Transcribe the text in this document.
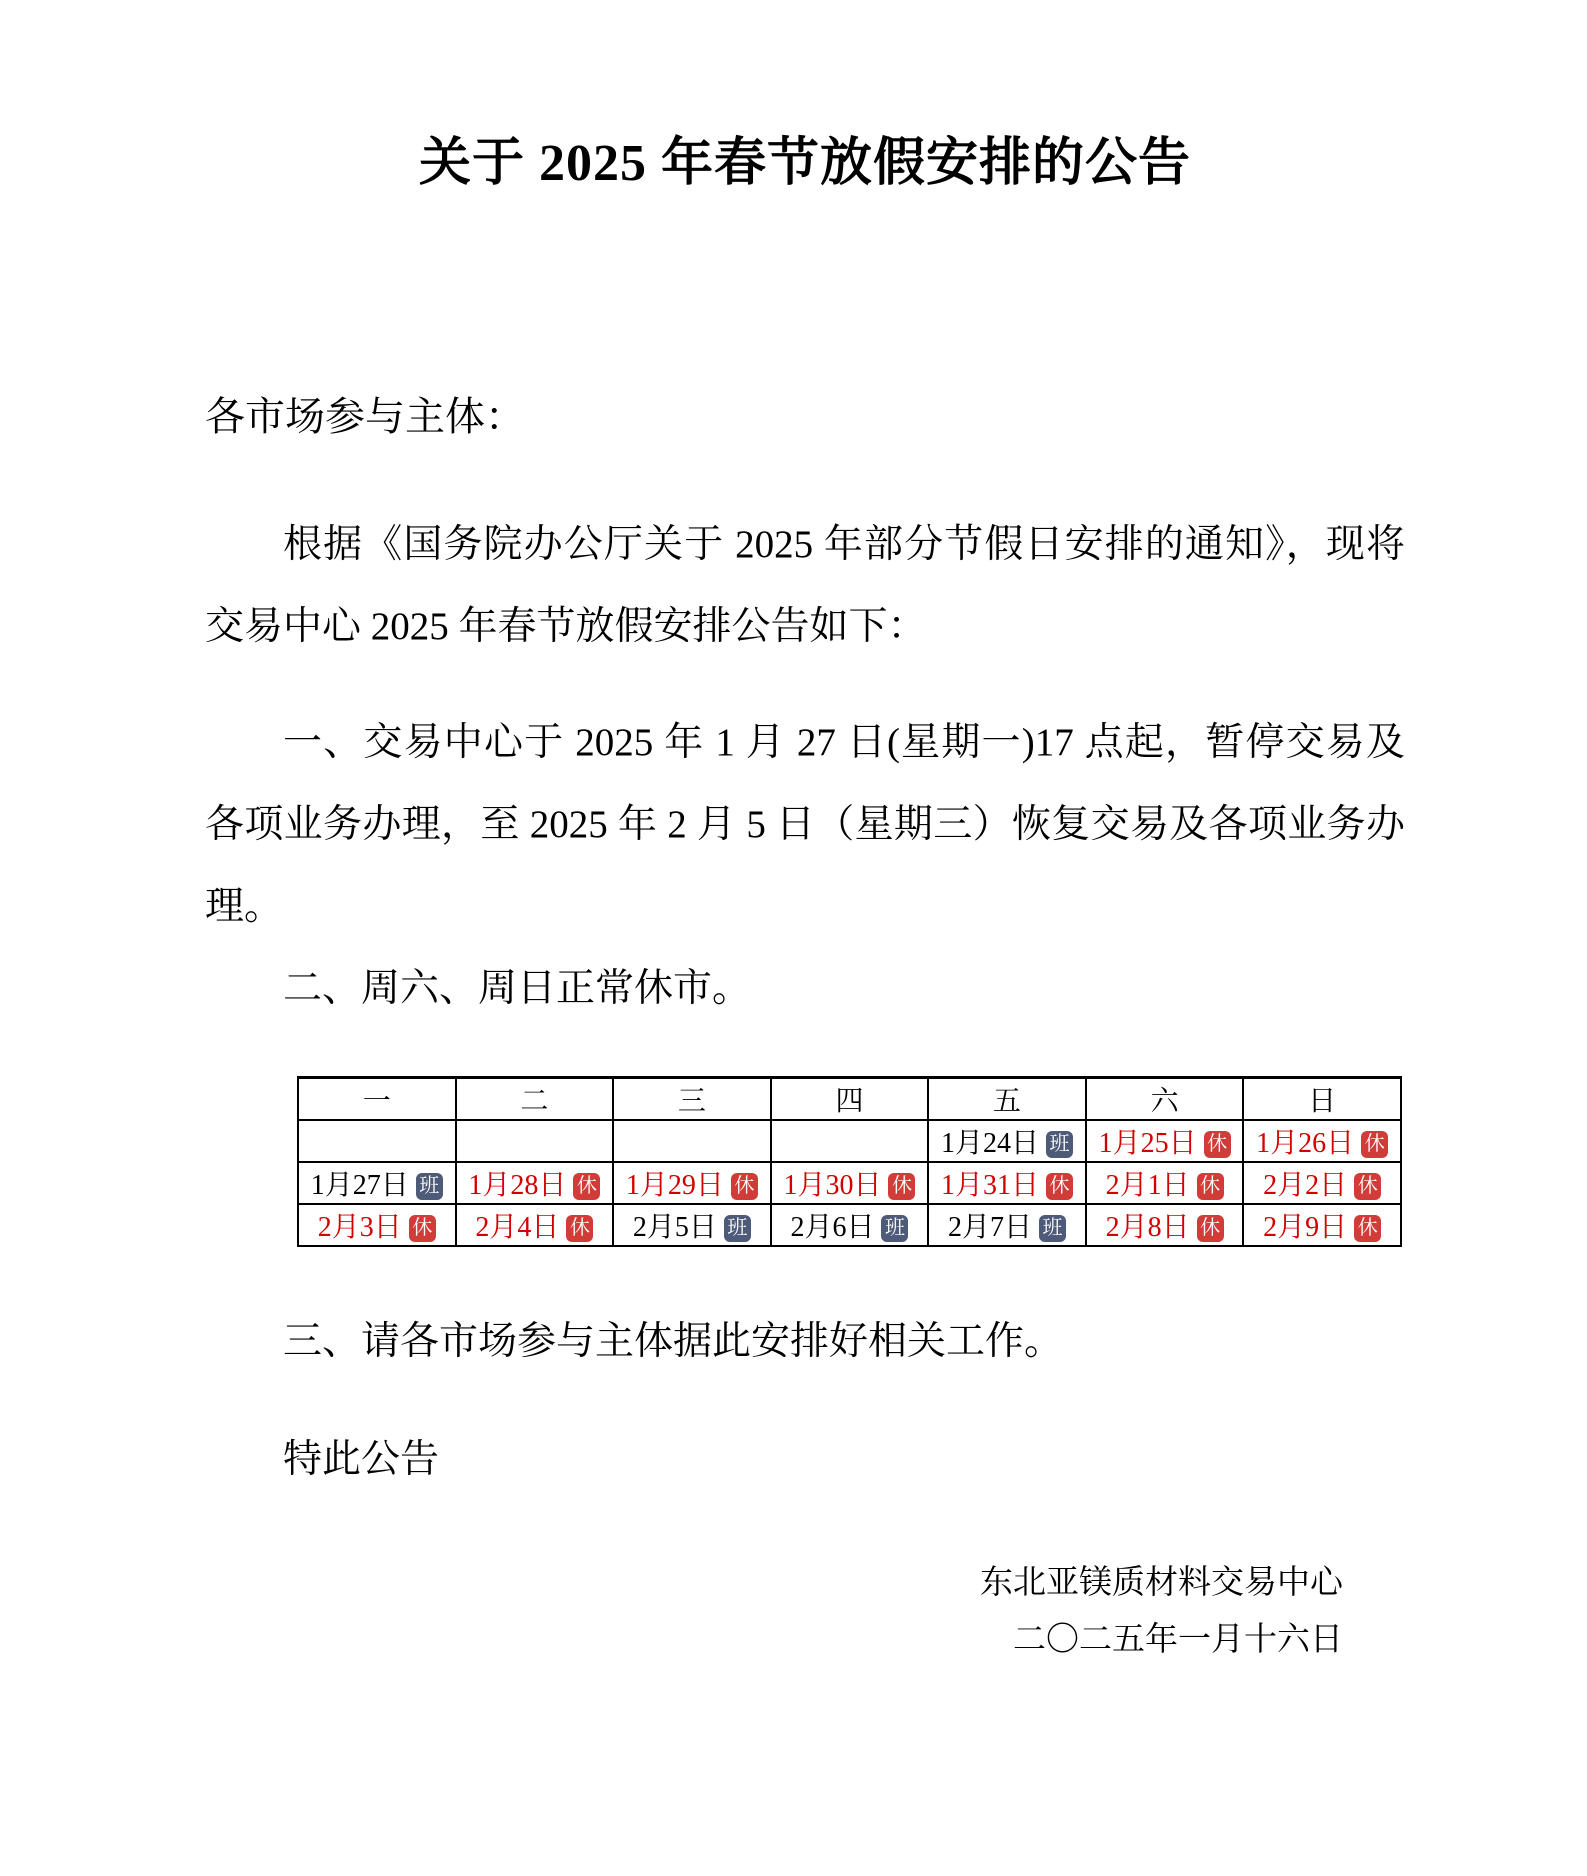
关于 2025 年春节放假安排的公告
各市场参与主体：

根据《国务院办公厅关于 2025 年部分节假日安排的通知》，现将交易中心 2025 年春节放假安排公告如下：

一、交易中心于 2025 年 1 月 27 日(星期一)17 点起，暂停交易及各项业务办理，至 2025 年 2 月 5 日（星期三）恢复交易及各项业务办理。

二、周六、周日正常休市。

一	二	三	四	五	六	日
				1月24日 班	1月25日 休	1月26日 休
1月27日 班	1月28日 休	1月29日 休	1月30日 休	1月31日 休	2月1日 休	2月2日 休
2月3日 休	2月4日 休	2月5日 班	2月6日 班	2月7日 班	2月8日 休	2月9日 休

三、请各市场参与主体据此安排好相关工作。

特此公告
东北亚镁质材料交易中心
二〇二五年一月十六日
